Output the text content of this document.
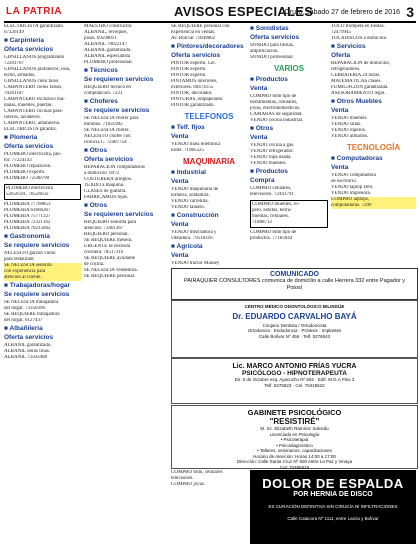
LA PATRIA	AVISOS ESPECIALES
Oruro, sábado 27 de febrero de 2016 3
ELECTRICISTA garantizado.
67226149
■ Carpintería
Oferta servicios
GIPSILLANOS programando
72201707
GIPSILLANOS plafoneros, losa,
techo, armados.
GIPSILLANOS cielo falso.
CARPINTERO cielos falsos,
70261187
CARPINTERO exclusivo ma-
ñanas, muebles, puertas.
CARPINTERO cocinas para-
roteros, lavaderos.
CARPINTERO, albañilería.
ELECTRICISTA garantiz.
■ Plomería
Oferta servicios
PLOMERO electricista, pin-
tor. 77224143
PLOMERO reparación.
PLOMERO experto.
PLOMERO 72508790
PLOMERO electricista
52656591, 78526632
PLOMERÍA 77760853
PLOMERÍA 61666367
PLOMERÍA 75771327
PLOMERÍA 72321162
PLOMERÍA 70215662
■ Gastronomía
Se requiere servicios
NECESITO garzón varón
para restaurant.
SE NECESITA señorita
con experiencia para
atención al cliente.
■ Trabajadoras/hogar
Se requiere servicios
SE NECESITA trabajadora
del hogar. 73350396
SE REQUIERE trabajadora
del hogar. 6127437
■ Albañilería
Oferta servicios
ALBAÑIL garantizado.
ALBAÑIL obras finas.
ALBAÑIL 72503408
MAESTRO constructor.
ALBAÑIL, revoques,
pisos. 69590011
ALBAÑIL 70022147
ALBAÑIL garantizado.
ALBAÑIL especialista
PLOMERO profesional.
■ Técnicos
Se requieren servicios
REQUIERO técnico en
computación. 7231
■ Choferes
Se requiere servicios
SE NECESITA chofer para
minibús. 71831902
SE NECESITA chofer.
NECESITO chofer con
licencia C. 72487754
■ Otros
Oferta servicios
REPARACIÓN computadoras
a domicilio. 6972
COSTURERA arreglos.
TEJIDO a máquina.
CLASES de guitarra.
FABRICAMOS rejas.
■ Otros
Se requieren servicios
REQUIERO señorita para
atención. 73461367
REQUIERO personal.
SE REQUIERE mesera.
URGENTE se necesita
cocinera. 78517316
SE REQUIERE ayudante
de cocina.
SE NECESITA vendedora.
SE REQUIERE personal.
SE REQUIERE personal con
experiencia en ventas.
Av. Bolívar 71849862
■ Pintores/decoradores
Oferta servicios
PINTOR experto. Cel.
PINTOR experto.
PINTOR experto.
PINTAMOS interiores,
exteriores. 60474155
PINTOR, decorador.
PINTURAS, empapelado.
PINTOR garantizado.
TELEFONOS
■ Telf. fijos
Venta
VENDO línea telefónica
Entel. 71985225
MAQUINARIA
■ Industrial
Venta
VENDO maquinaria de
tornería, soldadura.
VENDO carretilla.
VENDO taladro.
■ Construcción
Venta
VENDO mezcladora y
vibradora. 79510316
■ Agrícola
Venta
VENDO tractor Massey
■ Sonidistas
Oferta servicios
SONIDO para fiestas,
amplificación.
SONIDO profesional.
VARIOS
■ Productos
Venta
COMPRO todo tipo de
herramientas, celulares,
joyas, electrodomésticos.
CAMARAS de seguridad.
VENDO cocina industrial.
■ Otros
Venta
VENDO cocina a gas.
VENDO refrigerador.
VENDO ropa usada.
VENDO muebles.
■ Productos
Compra
COMPRO celulares,
televisores. 72441791
COMPRO muebles, ro-
pero, estufas, herra-
mientas, celulares.
71888712
COMPRO todo tipo de
productos. 77183944
TOCO trompeta en fiestas.
72479945
TOCADISCOS a domicilio.
■ Servicios
Oferta
REPARACIÓN de domicilio,
refrigeradores.
CERRAJERÍA 24 horas.
MATEMÁTICAS clases.
FUMIGACIÓN garantizada.
ASESORAMIENTO legal.
■ Otros Muebles
Venta
VENDO muebles.
VENDO sillas.
VENDO roperos.
VENDO armarios.
TECNOLOGÍA
■ Computadoras
Venta
VENDO computadora
de escritorio.
VENDO laptop Dell.
VENDO impresora.
COMPRO laptops,
computadoras. 7290
COMUNICADO
PAIRAQUIER CONSULTORES comunica de domicilio a calle Herrera 332 entre Pagador y Potosí
CENTRO MÉDICO ODONTOLÓGICO BILINGÜE
Dr. EDUARDO CARVALHO BAYÁ
Cirujano Dentista / Ortodoncista
Ortodoncia · Endodoncia · Prótesis · Implantes
Calle Bolívar Nº 456 · Telf. 5276543
Lic. MARCO ANTONIO FRÍAS YUCRA
PSICÓLOGO - HIPNOTERAPEUTA
Dir. 6 de Octubre esq. Ayacucho Nº 602 · Edif. M.G.A Piso 3
Telf. 5276823 · Cel. 70415622
GABINETE PSICOLÓGICO
"RESISTIRÉ"
M. Sc. Elizabeth Ramírez Salcedo
Licenciada en Psicología
• Psicoterapia
• Psicodiagnóstico
• Talleres, seminarios, capacitaciones
Horario de Atención: Horas 14:00 a 17:00
Dirección: Calle Santa Cruz Nº 500 entre La Paz y Vinaya
Cel: 72486519
COMPRO todo, celulares
televisores.
COMPRO joyas.	DOLOR DE ESPALDA
POR HERNIA DE DISCO
ES CURACIÓN DEFINITIVA SIN CIRUGÍA NI INFILTRACIONES
Calle Catacora Nº 1111, entre Lanza y Bolívar
